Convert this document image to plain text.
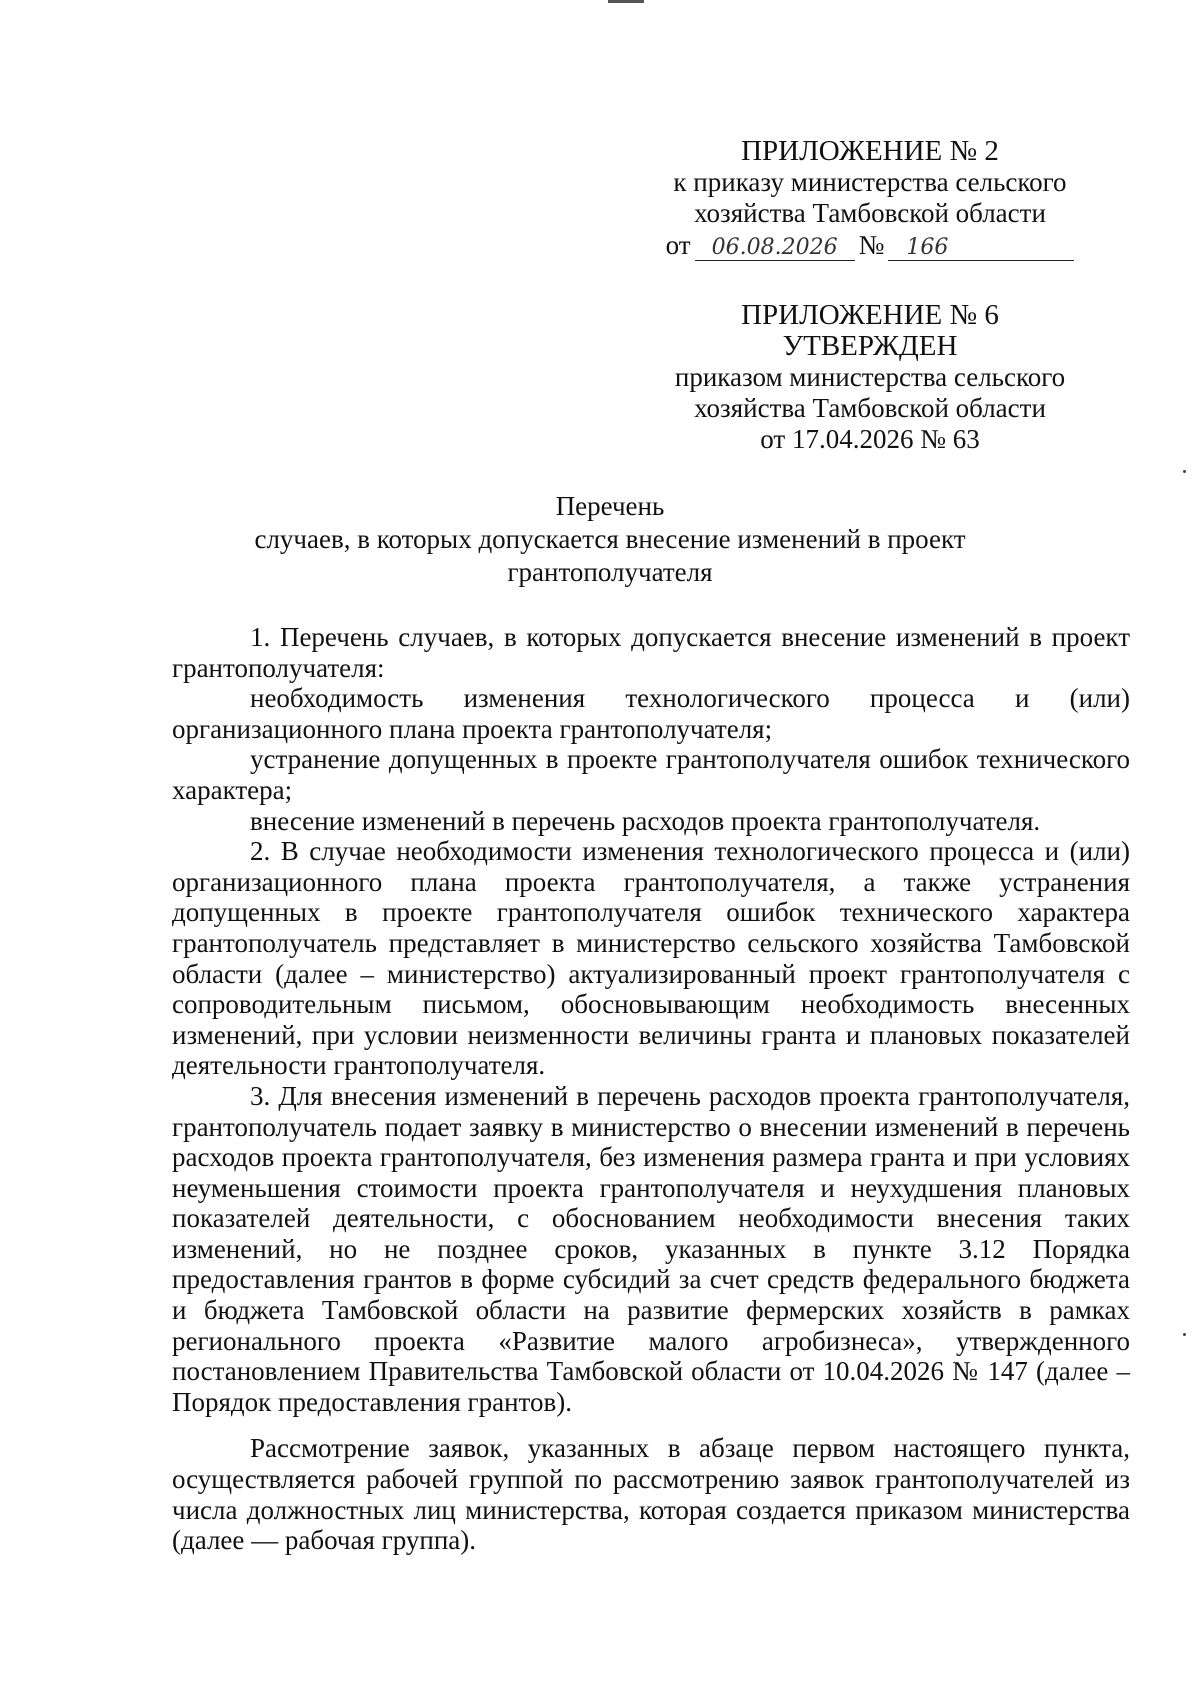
ПРИЛОЖЕНИЕ № 2
к приказу министерства сельского
хозяйства Тамбовской области
от 06.08.2026 №	166
ПРИЛОЖЕНИЕ № 6
УТВЕРЖДЕН
приказом министерства сельского
хозяйства Тамбовской области
от 17.04.2026 № 63
Перечень
случаев, в которых допускается внесение изменений в проект
грантополучателя

1. Перечень случаев, в которых допускается внесение изменений в проект грантополучателя:

необходимость изменения технологического процесса и (или) организационного плана проекта грантополучателя;

устранение допущенных в проекте грантополучателя ошибок технического характера;

внесение изменений в перечень расходов проекта грантополучателя.

2. В случае необходимости изменения технологического процесса и (или) организационного плана проекта грантополучателя, а также устранения допущенных в проекте грантополучателя ошибок технического характера грантополучатель представляет в министерство сельского хозяйства Тамбовской области (далее – министерство) актуализированный проект грантополучателя с сопроводительным письмом, обосновывающим необходимость внесенных изменений, при условии неизменности величины гранта и плановых показателей деятельности грантополучателя.

3. Для внесения изменений в перечень расходов проекта грантополучателя, грантополучатель подает заявку в министерство о внесении изменений в перечень расходов проекта грантополучателя, без изменения размера гранта и при условиях неуменьшения стоимости проекта грантополучателя и неухудшения плановых показателей деятельности, с обоснованием необходимости внесения таких изменений, но не позднее сроков, указанных в пункте 3.12 Порядка предоставления грантов в форме субсидий за счет средств федерального бюджета и бюджета Тамбовской области на развитие фермерских хозяйств в рамках регионального проекта «Развитие малого агробизнеса», утвержденного постановлением Правительства Тамбовской области от 10.04.2026 № 147 (далее – Порядок предоставления грантов).

Рассмотрение заявок, указанных в абзаце первом настоящего пункта, осуществляется рабочей группой по рассмотрению заявок грантополучателей из числа должностных лиц министерства, которая создается приказом министерства (далее — рабочая группа).
